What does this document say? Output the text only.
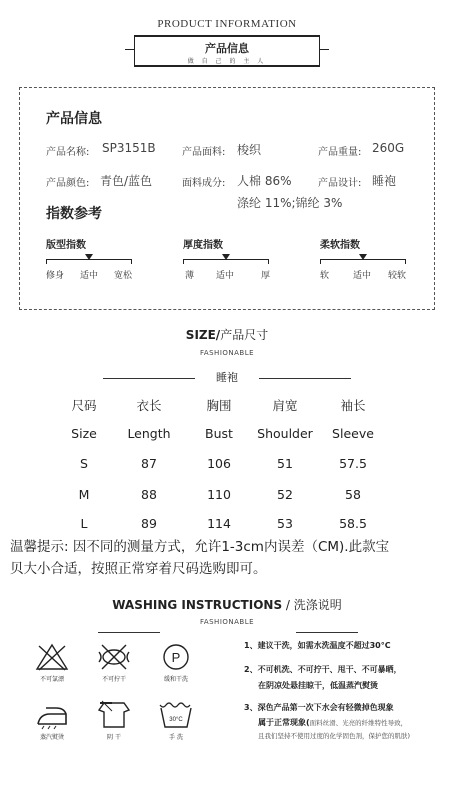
PRODUCT INFORMATION
产品信息
做 自 己 的 主 人
产品信息
产品名称: SP3151B	产品面料: 梭织	产品重量: 260G
产品颜色: 青色/蓝色	面料成分: 人棉 86%
涤纶 11%;锦纶 3%
产品设计: 睡袍
指数参考
版型指数
修身 适中 宽松
厚度指数
薄 适中	厚
柔软指数
软	适中 较软
SIZE/产品尺寸
FASHIONABLE
睡袍
尺码	衣长	胸围	肩宽	袖长
Size	Length	Bust	Shoulder	Sleeve
S	87	106	51	57.5
M	88	110	52	58
L	89	114	53	58.5
温馨提示: 因不同的测量方式，允许1-3cm内误差（CM).此款宝
贝大小合适，按照正常穿着尺码选购即可。
WASHING INSTRUCTIONS / 洗涤说明
FASHIONABLE
不可氯漂	不可拧干
P
缓和干洗
蒸汽熨烫	阴 干
30°C
手 洗
1、建议干洗，如需水洗温度不超过30°C
2、不可机洗、不可拧干、甩干、不可暴晒，
在阴凉处悬挂晾干，低温蒸汽熨烫
3、深色产品第一次下水会有轻微掉色现象
属于正常现象(面料丝滑、光亮的纤维特性导致，
且我们坚持不使用过度的化学固色剂，保护您的肌肤)
